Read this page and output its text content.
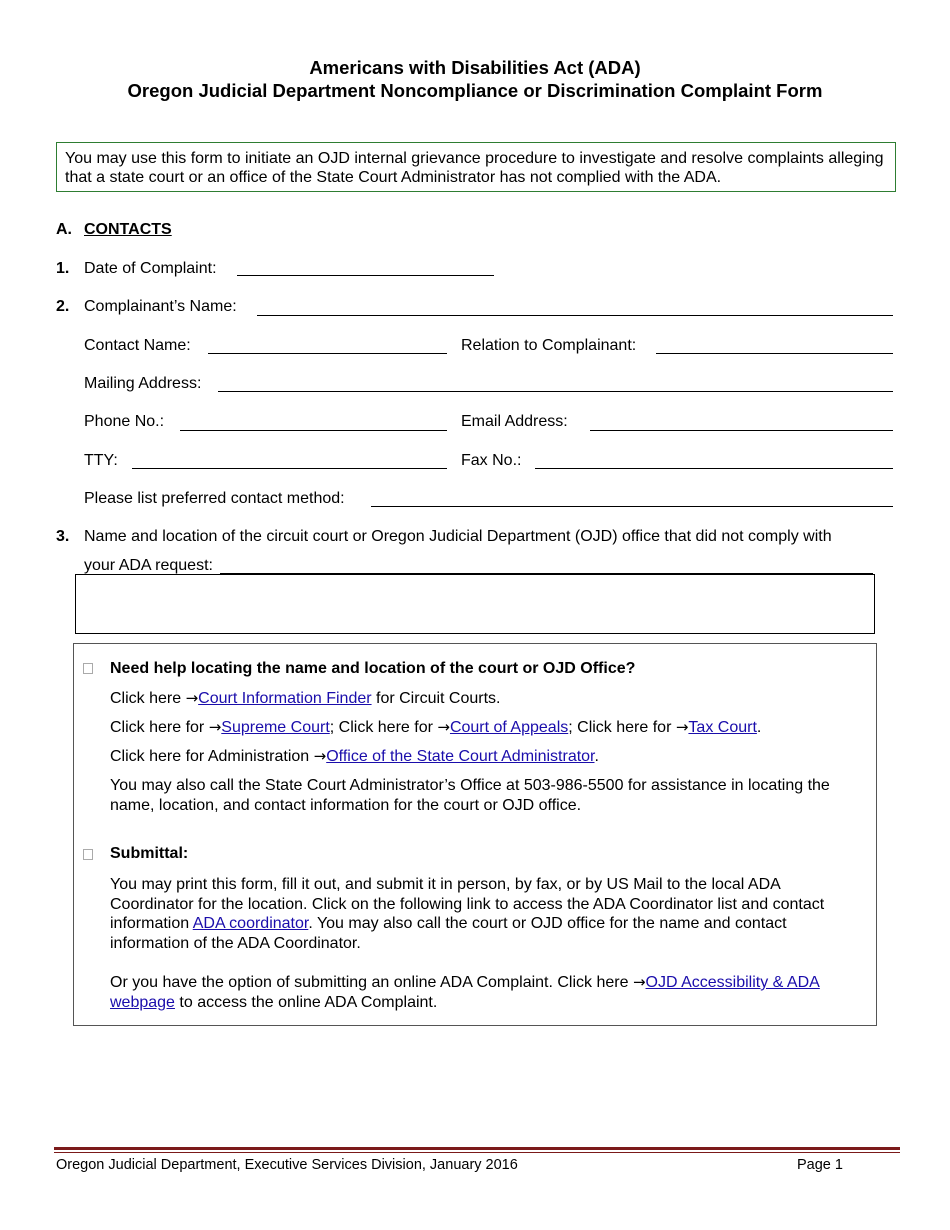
Americans with Disabilities Act (ADA)
Oregon Judicial Department Noncompliance or Discrimination Complaint Form
You may use this form to initiate an OJD internal grievance procedure to investigate and resolve complaints alleging that a state court or an office of the State Court Administrator has not complied with the ADA.
A. CONTACTS
1. Date of Complaint:
2. Complainant’s Name:
Contact Name:	Relation to Complainant:
Mailing Address:
Phone No.:	Email Address:
TTY:	Fax No.:
Please list preferred contact method:
3. Name and location of the circuit court or Oregon Judicial Department (OJD) office that did not comply with
your ADA request:
Need help locating the name and location of the court or OJD Office?
Click here →Court Information Finder for Circuit Courts.
Click here for →Supreme Court; Click here for →Court of Appeals; Click here for →Tax Court.
Click here for Administration →Office of the State Court Administrator.
You may also call the State Court Administrator’s Office at 503-986-5500 for assistance in locating the name, location, and contact information for the court or OJD office.
Submittal:
You may print this form, fill it out, and submit it in person, by fax, or by US Mail to the local ADA Coordinator for the location. Click on the following link to access the ADA Coordinator list and contact information ADA coordinator. You may also call the court or OJD office for the name and contact information of the ADA Coordinator.
Or you have the option of submitting an online ADA Complaint. Click here →OJD Accessibility & ADA webpage to access the online ADA Complaint.
Oregon Judicial Department, Executive Services Division, January 2016	Page 1
